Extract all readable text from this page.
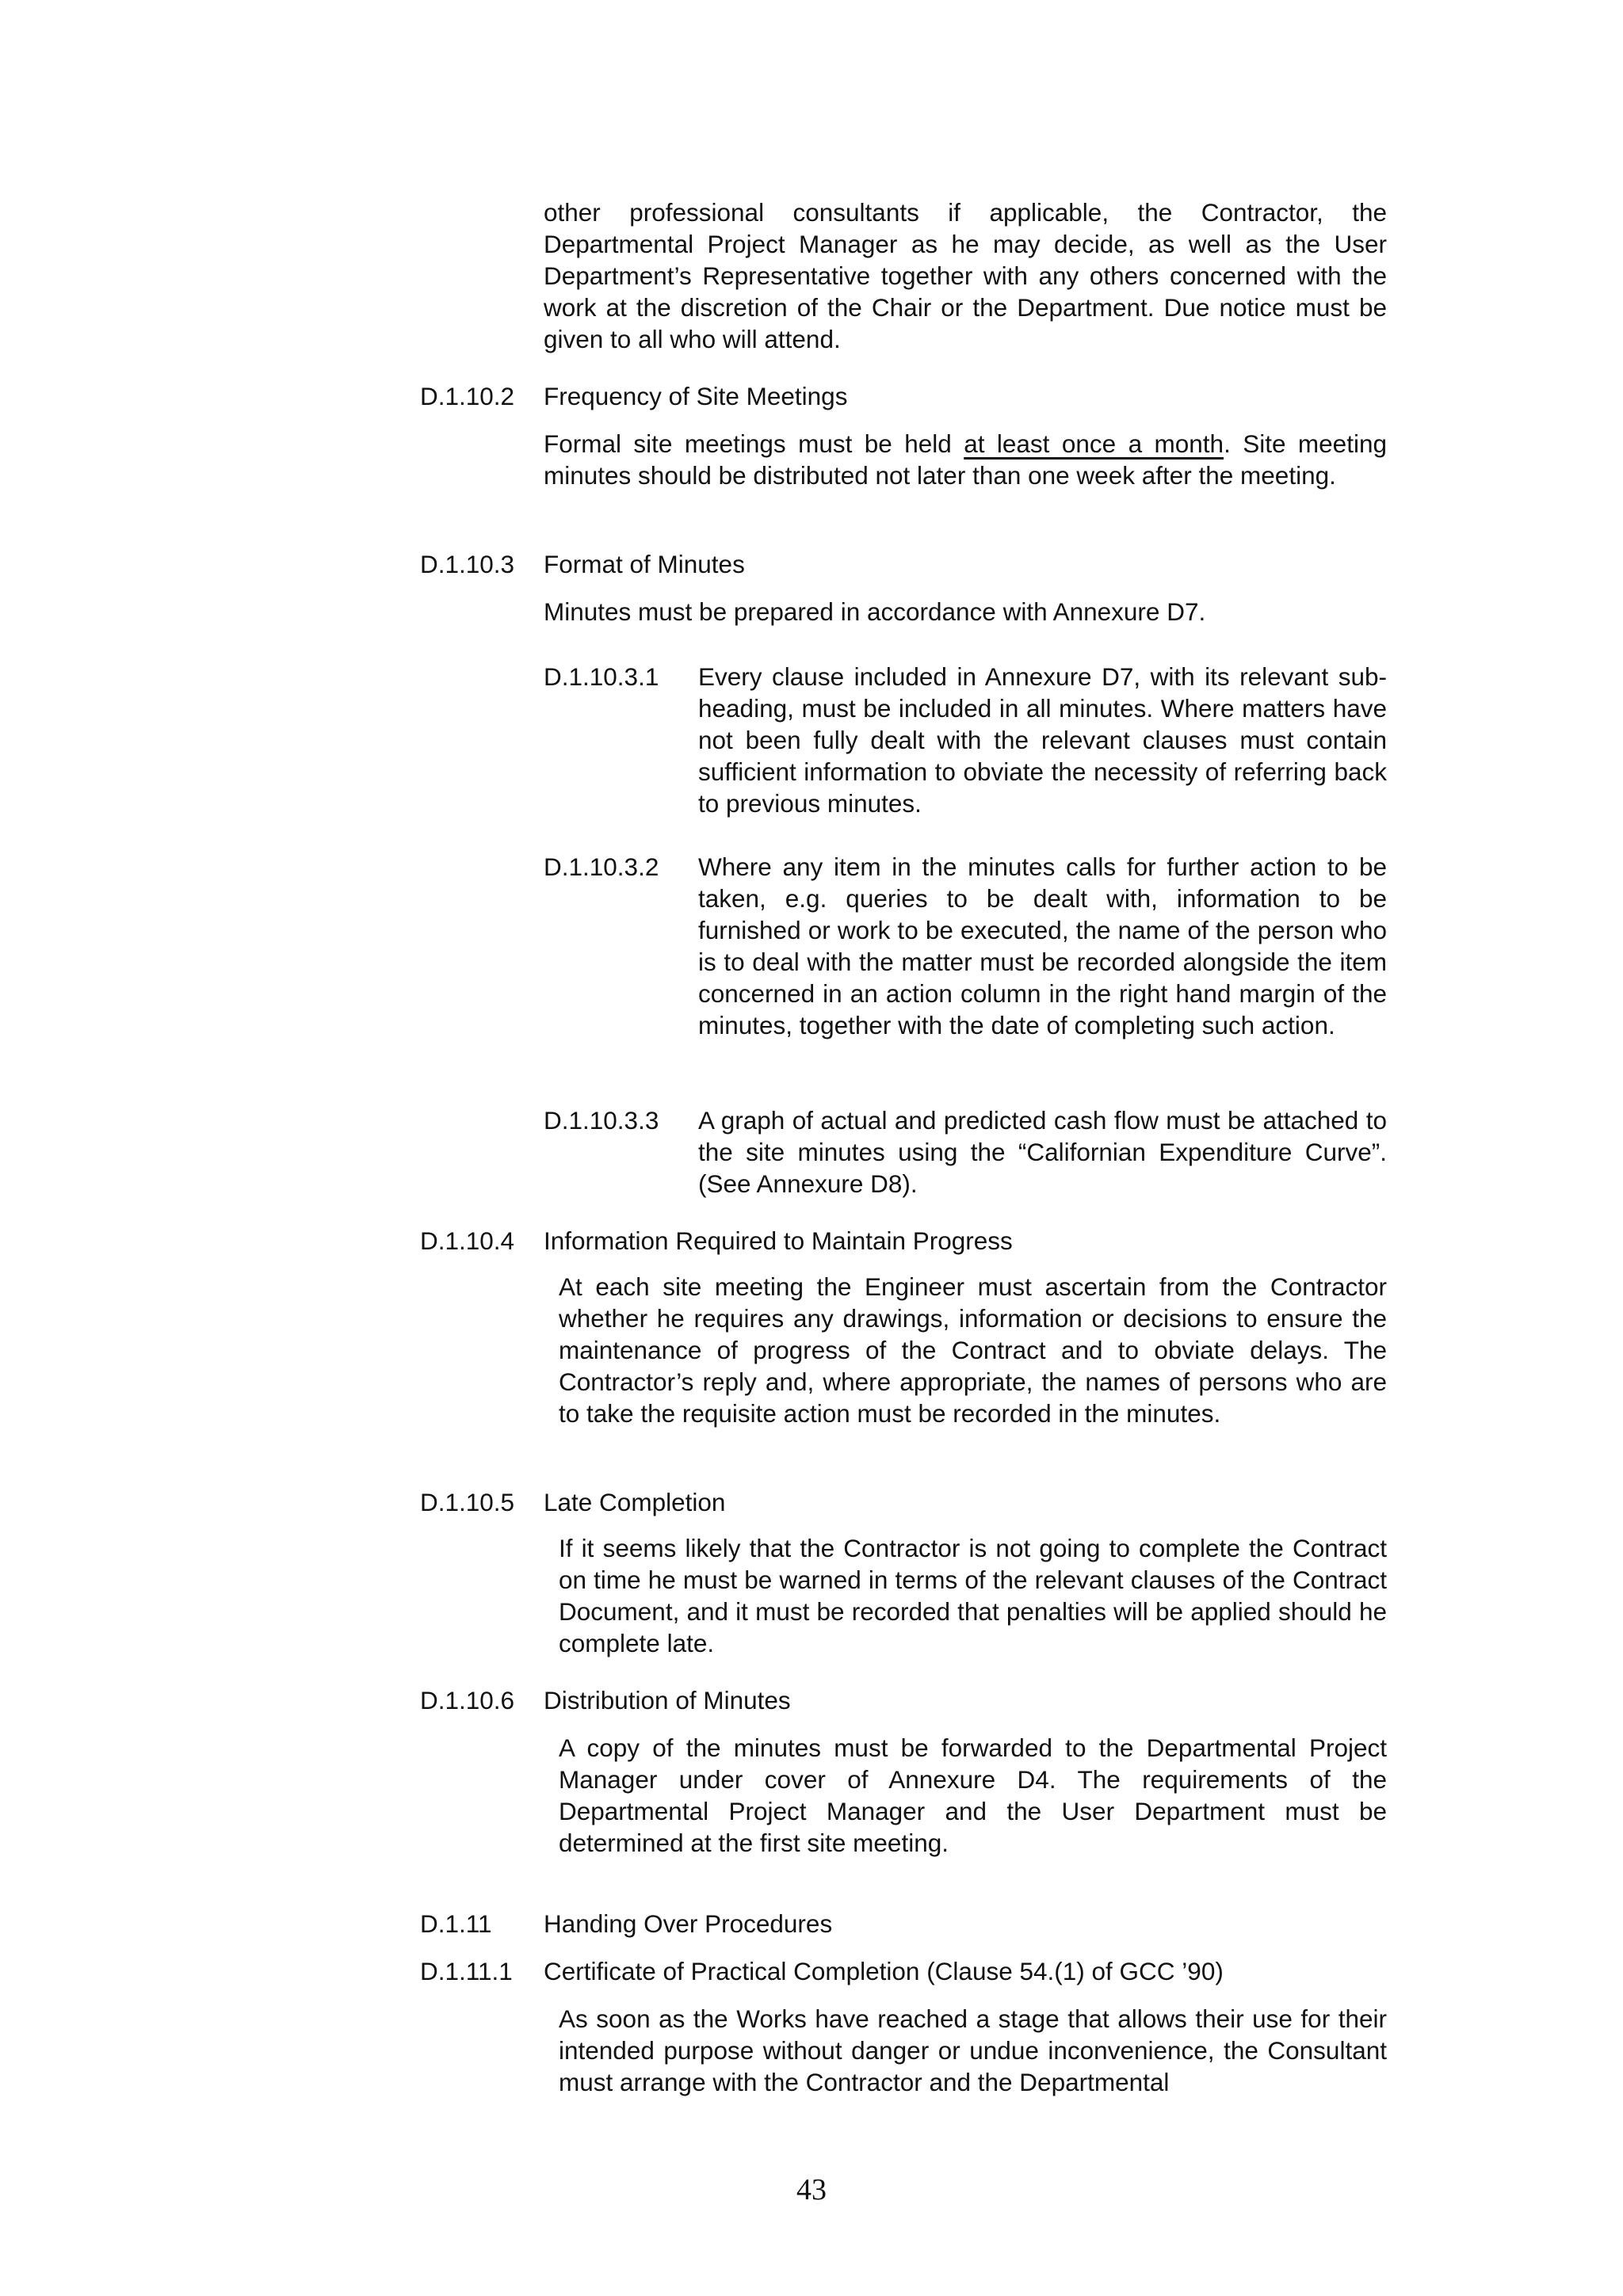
other professional consultants if applicable, the Contractor, the Departmental Project Manager as he may decide, as well as the User Department’s Representative together with any others concerned with the work at the discretion of the Chair or the Department. Due notice must be given to all who will attend.

D.1.10.2 Frequency of Site Meetings

Formal site meetings must be held at least once a month. Site meeting minutes should be distributed not later than one week after the meeting.

D.1.10.3 Format of Minutes

Minutes must be prepared in accordance with Annexure D7.

D.1.10.3.1 Every clause included in Annexure D7, with its relevant sub-heading, must be included in all minutes. Where matters have not been fully dealt with the relevant clauses must contain sufficient information to obviate the necessity of referring back to previous minutes.

D.1.10.3.2 Where any item in the minutes calls for further action to be taken, e.g. queries to be dealt with, information to be furnished or work to be executed, the name of the person who is to deal with the matter must be recorded alongside the item concerned in an action column in the right hand margin of the minutes, together with the date of completing such action.

D.1.10.3.3 A graph of actual and predicted cash flow must be attached to the site minutes using the “Californian Expenditure Curve”. (See Annexure D8).

D.1.10.4 Information Required to Maintain Progress

At each site meeting the Engineer must ascertain from the Contractor whether he requires any drawings, information or decisions to ensure the maintenance of progress of the Contract and to obviate delays. The Contractor’s reply and, where appropriate, the names of persons who are to take the requisite action must be recorded in the minutes.

D.1.10.5 Late Completion

If it seems likely that the Contractor is not going to complete the Contract on time he must be warned in terms of the relevant clauses of the Contract Document, and it must be recorded that penalties will be applied should he complete late.

D.1.10.6 Distribution of Minutes

A copy of the minutes must be forwarded to the Departmental Project Manager under cover of Annexure D4. The requirements of the Departmental Project Manager and the User Department must be determined at the first site meeting.

D.1.11 Handing Over Procedures
D.1.11.1 Certificate of Practical Completion (Clause 54.(1) of GCC ’90)

As soon as the Works have reached a stage that allows their use for their intended purpose without danger or undue inconvenience, the Consultant must arrange with the Contractor and the Departmental

43
